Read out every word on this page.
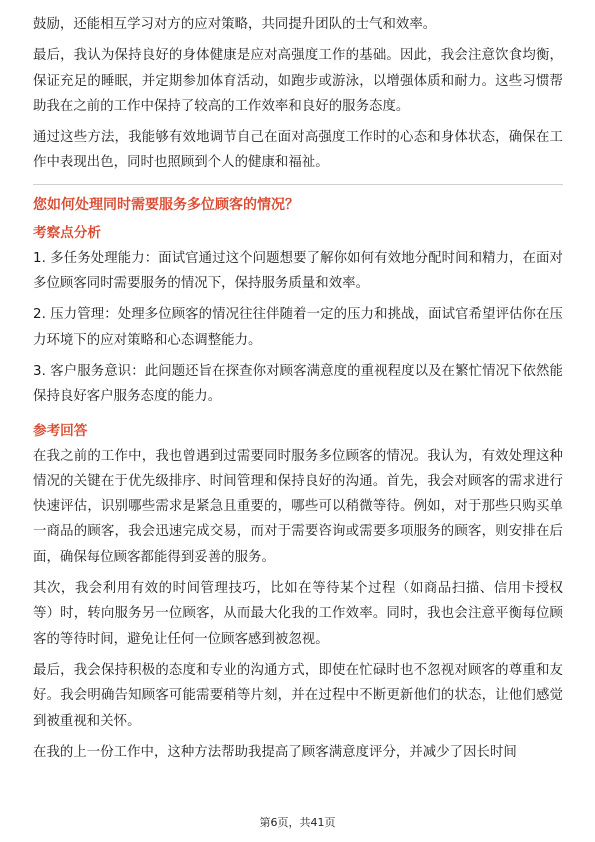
鼓励，还能相互学习对方的应对策略，共同提升团队的士气和效率。

最后，我认为保持良好的身体健康是应对高强度工作的基础。因此，我会注意饮食均衡，保证充足的睡眠，并定期参加体育活动，如跑步或游泳，以增强体质和耐力。这些习惯帮助我在之前的工作中保持了较高的工作效率和良好的服务态度。

通过这些方法，我能够有效地调节自己在面对高强度工作时的心态和身体状态，确保在工作中表现出色，同时也照顾到个人的健康和福祉。

您如何处理同时需要服务多位顾客的情况？
考察点分析

1. 多任务处理能力：面试官通过这个问题想要了解你如何有效地分配时间和精力，在面对多位顾客同时需要服务的情况下，保持服务质量和效率。

2. 压力管理：处理多位顾客的情况往往伴随着一定的压力和挑战，面试官希望评估你在压力环境下的应对策略和心态调整能力。

3. 客户服务意识：此问题还旨在探查你对顾客满意度的重视程度以及在繁忙情况下依然能保持良好客户服务态度的能力。

参考回答

在我之前的工作中，我也曾遇到过需要同时服务多位顾客的情况。我认为，有效处理这种情况的关键在于优先级排序、时间管理和保持良好的沟通。首先，我会对顾客的需求进行快速评估，识别哪些需求是紧急且重要的，哪些可以稍微等待。例如，对于那些只购买单一商品的顾客，我会迅速完成交易，而对于需要咨询或需要多项服务的顾客，则安排在后面，确保每位顾客都能得到妥善的服务。

其次，我会利用有效的时间管理技巧，比如在等待某个过程（如商品扫描、信用卡授权等）时，转向服务另一位顾客，从而最大化我的工作效率。同时，我也会注意平衡每位顾客的等待时间，避免让任何一位顾客感到被忽视。

最后，我会保持积极的态度和专业的沟通方式，即使在忙碌时也不忽视对顾客的尊重和友好。我会明确告知顾客可能需要稍等片刻，并在过程中不断更新他们的状态，让他们感觉到被重视和关怀。

在我的上一份工作中，这种方法帮助我提高了顾客满意度评分，并减少了因长时间

第6页，共41页
